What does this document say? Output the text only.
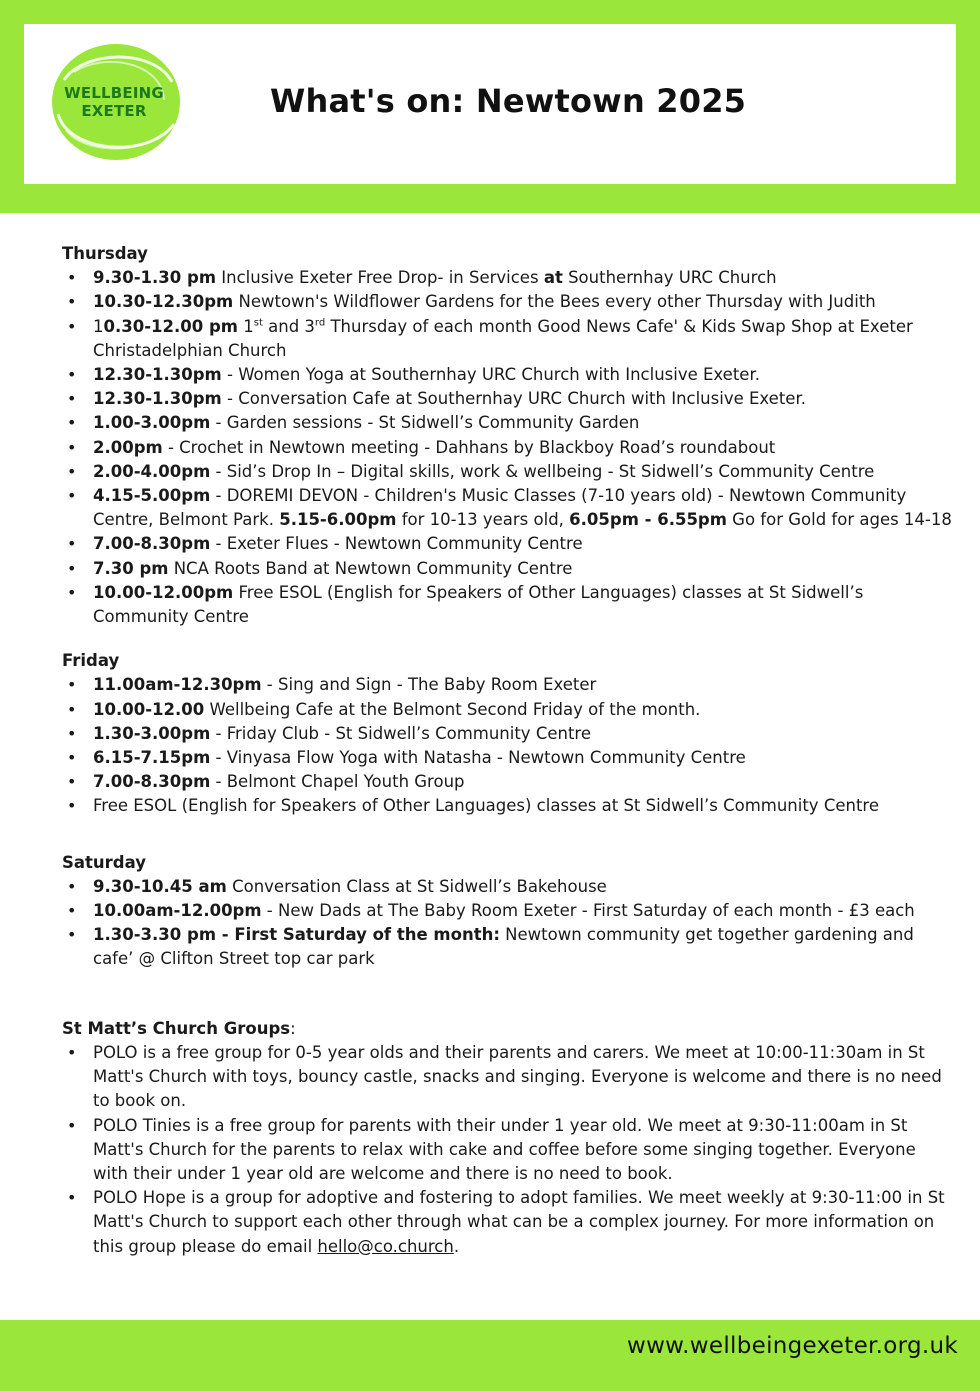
WELLBEING
EXETER	What's on: Newtown 2025
Thursday
• 9.30-1.30 pm Inclusive Exeter Free Drop- in Services at Southernhay URC Church
• 10.30-12.30pm Newtown's Wildflower Gardens for the Bees every other Thursday with Judith
• 10.30-12.00 pm 1st and 3rd Thursday of each month Good News Cafe' & Kids Swap Shop at Exeter Christadelphian Church
• 12.30-1.30pm - Women Yoga at Southernhay URC Church with Inclusive Exeter.
• 12.30-1.30pm - Conversation Cafe at Southernhay URC Church with Inclusive Exeter.
• 1.00-3.00pm - Garden sessions - St Sidwell’s Community Garden
• 2.00pm - Crochet in Newtown meeting - Dahhans by Blackboy Road’s roundabout
• 2.00-4.00pm - Sid’s Drop In – Digital skills, work & wellbeing - St Sidwell’s Community Centre
• 4.15-5.00pm - DOREMI DEVON - Children's Music Classes (7-10 years old) - Newtown Community Centre, Belmont Park. 5.15-6.00pm for 10-13 years old, 6.05pm - 6.55pm Go for Gold for ages 14-18
• 7.00-8.30pm - Exeter Flues - Newtown Community Centre
• 7.30 pm NCA Roots Band at Newtown Community Centre
• 10.00-12.00pm Free ESOL (English for Speakers of Other Languages) classes at St Sidwell’s Community Centre
Friday
• 11.00am-12.30pm - Sing and Sign - The Baby Room Exeter
• 10.00-12.00 Wellbeing Cafe at the Belmont Second Friday of the month.
• 1.30-3.00pm - Friday Club - St Sidwell’s Community Centre
• 6.15-7.15pm - Vinyasa Flow Yoga with Natasha - Newtown Community Centre
• 7.00-8.30pm - Belmont Chapel Youth Group
• Free ESOL (English for Speakers of Other Languages) classes at St Sidwell’s Community Centre
Saturday
• 9.30-10.45 am Conversation Class at St Sidwell’s Bakehouse
• 10.00am-12.00pm - New Dads at The Baby Room Exeter - First Saturday of each month - £3 each
• 1.30-3.30 pm - First Saturday of the month: Newtown community get together gardening and cafe’ @ Clifton Street top car park
St Matt’s Church Groups:
• POLO is a free group for 0-5 year olds and their parents and carers. We meet at 10:00-11:30am in St Matt's Church with toys, bouncy castle, snacks and singing. Everyone is welcome and there is no need to book on.
• POLO Tinies is a free group for parents with their under 1 year old. We meet at 9:30-11:00am in St Matt's Church for the parents to relax with cake and coffee before some singing together. Everyone with their under 1 year old are welcome and there is no need to book.
• POLO Hope is a group for adoptive and fostering to adopt families. We meet weekly at 9:30-11:00 in St Matt's Church to support each other through what can be a complex journey. For more information on this group please do email hello@co.church.
www.wellbeingexeter.org.uk
